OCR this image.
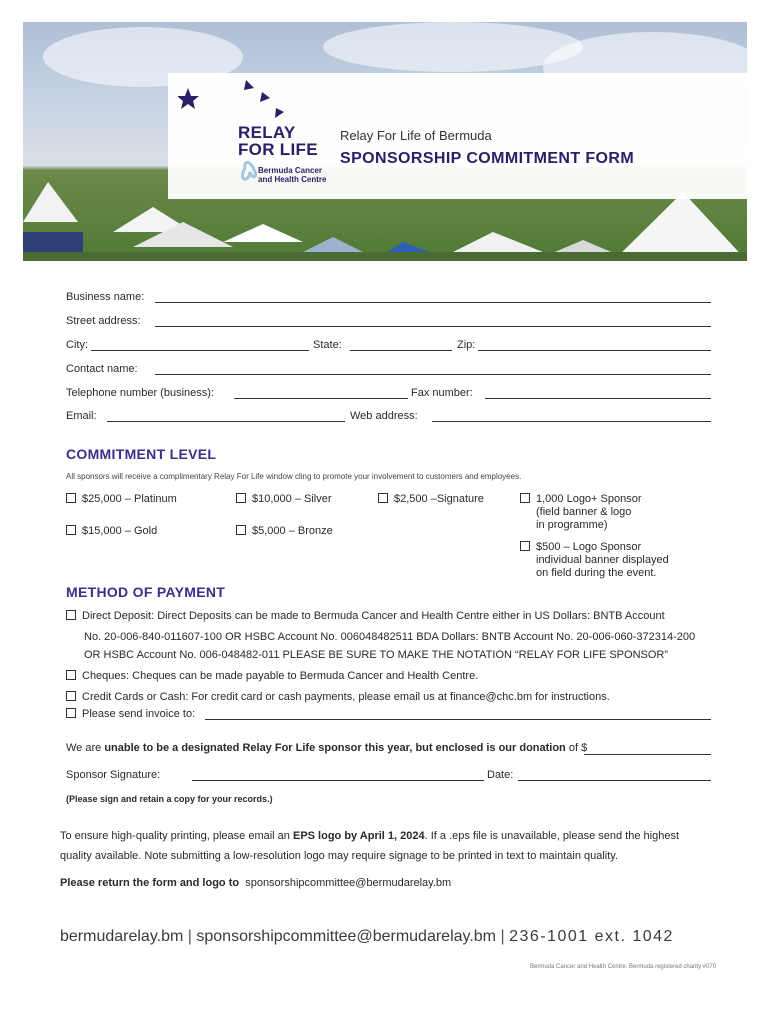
RELAY
FOR LIFE
Bermuda Cancer and Health Centre
Relay For Life of Bermuda
SPONSORSHIP COMMITMENT FORM
Business name:
Street address:
City:	State:	Zip:
Contact name:
Telephone number (business):	Fax number:
Email:	Web address:
COMMITMENT LEVEL
All sponsors will receive a complimentary Relay For Life window cling to promote your involvement to customers and employees.
$25,000 – Platinum	$10,000 – Silver	$2,500 –Signature	1,000 Logo+ Sponsor
(field banner & logo
in programme)
$15,000 – Gold	$5,000 – Bronze
$500 – Logo Sponsor
individual banner displayed
on field during the event.
METHOD OF PAYMENT
Direct Deposit: Direct Deposits can be made to Bermuda Cancer and Health Centre either in US Dollars: BNTB Account
No. 20-006-840-011607-100 OR HSBC Account No. 006048482511 BDA Dollars: BNTB Account No. 20-006-060-372314-200
OR HSBC Account No. 006-048482-011 PLEASE BE SURE TO MAKE THE NOTATION “RELAY FOR LIFE SPONSOR”
Cheques: Cheques can be made payable to Bermuda Cancer and Health Centre.
Credit Cards or Cash: For credit card or cash payments, please email us at finance@chc.bm for instructions.
Please send invoice to:
We are unable to be a designated Relay For Life sponsor this year, but enclosed is our donation of $
Sponsor Signature:	Date:
(Please sign and retain a copy for your records.)
To ensure high-quality printing, please email an EPS logo by April 1, 2024. If a .eps file is unavailable, please send the highest
quality available. Note submitting a low-resolution logo may require signage to be printed in text to maintain quality.
Please return the form and logo to sponsorshipcommittee@bermudarelay.bm
bermudarelay.bm | sponsorshipcommittee@bermudarelay.bm | 236-1001 ext. 1042
Bermuda Cancer and Health Centre, Bermuda registered charity #070
